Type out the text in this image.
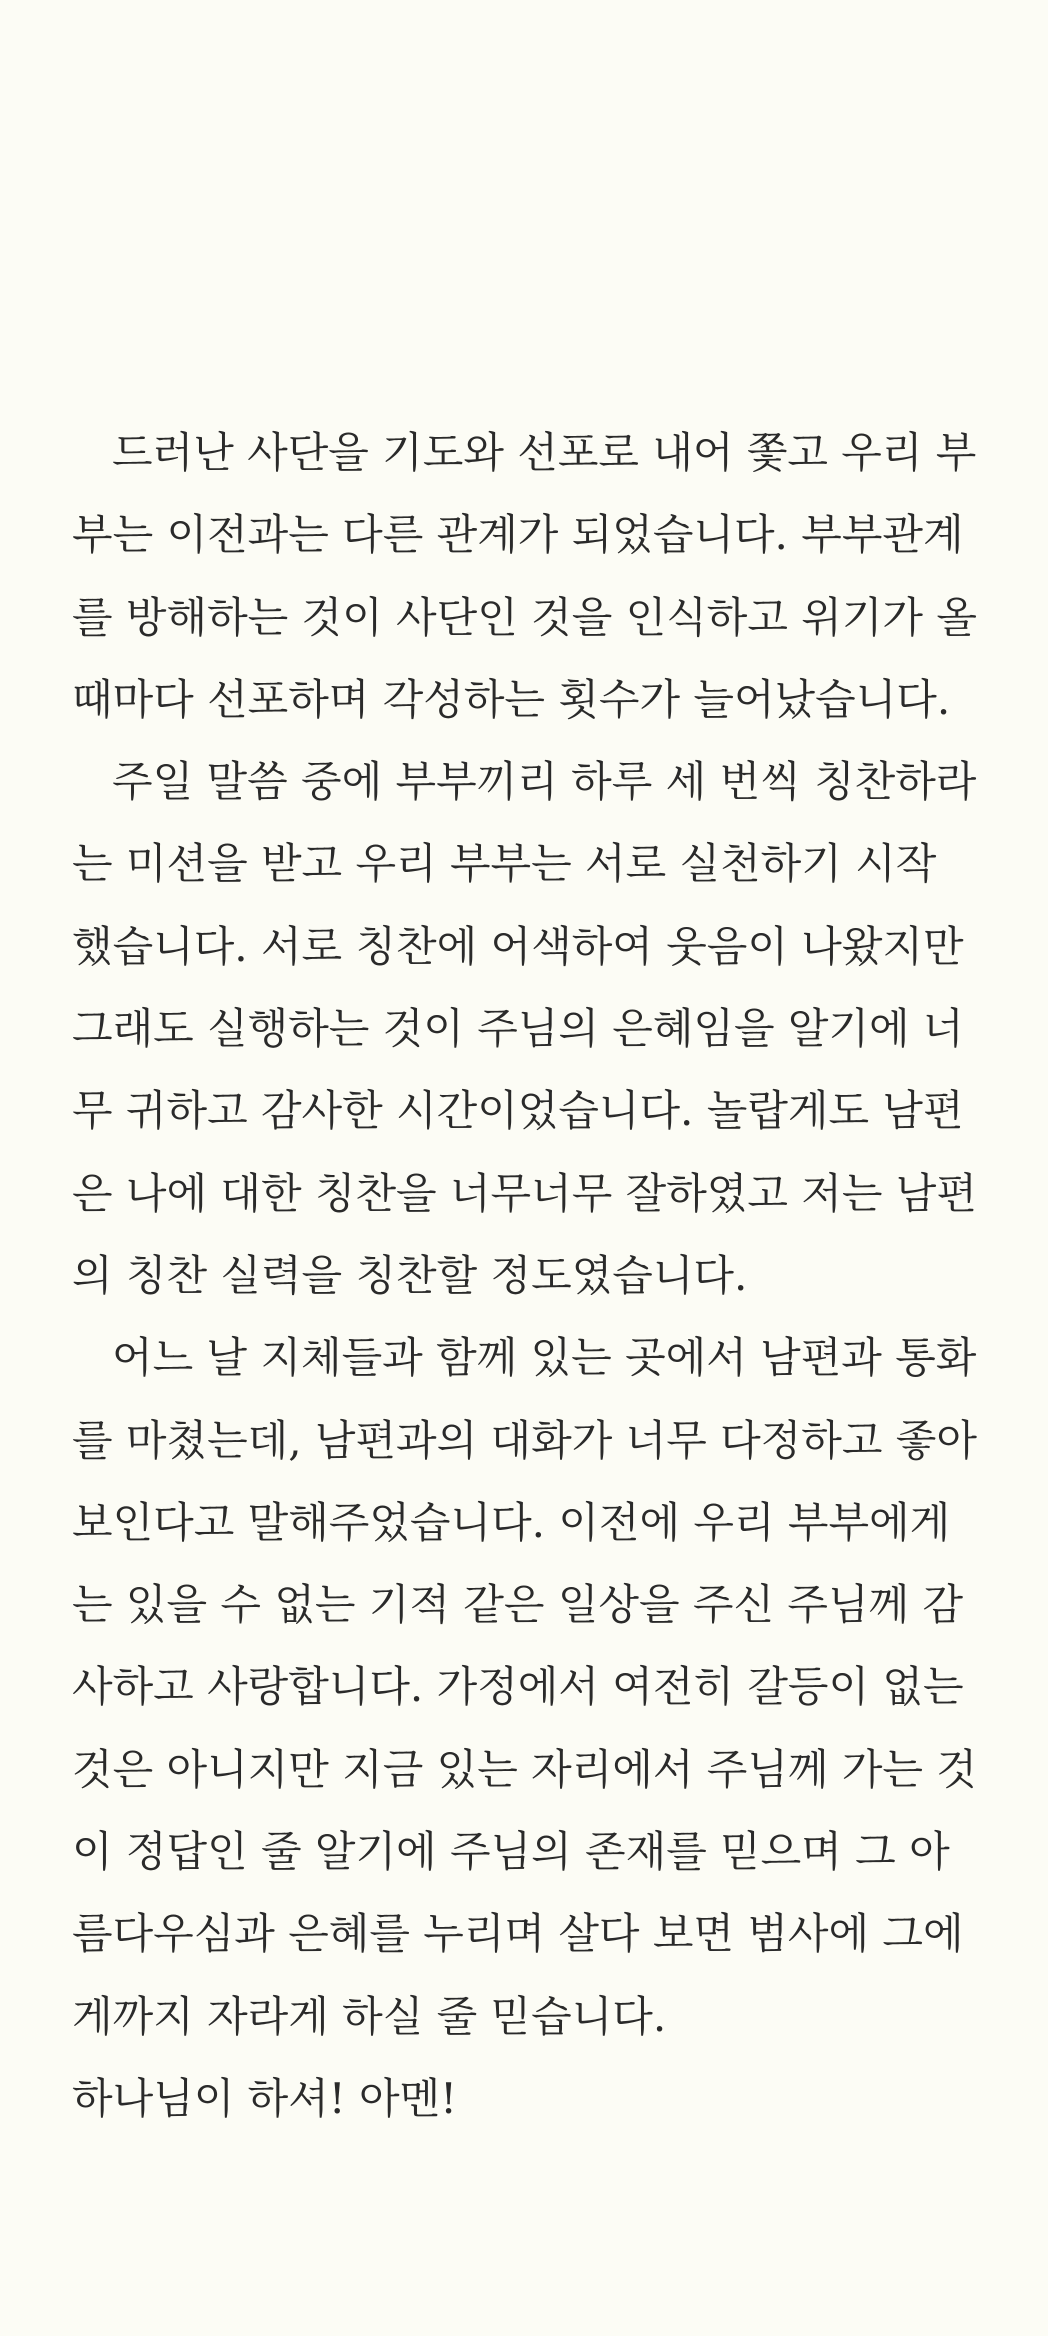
드러난 사단을 기도와 선포로 내어 쫓고 우리 부
부는 이전과는 다른 관계가 되었습니다. 부부관계
를 방해하는 것이 사단인 것을 인식하고 위기가 올
때마다 선포하며 각성하는 횟수가 늘어났습니다.
주일 말씀 중에 부부끼리 하루 세 번씩 칭찬하라
는 미션을 받고 우리 부부는 서로 실천하기 시작
했습니다. 서로 칭찬에 어색하여 웃음이 나왔지만
그래도 실행하는 것이 주님의 은혜임을 알기에 너
무 귀하고 감사한 시간이었습니다. 놀랍게도 남편
은 나에 대한 칭찬을 너무너무 잘하였고 저는 남편
의 칭찬 실력을 칭찬할 정도였습니다.
어느 날 지체들과 함께 있는 곳에서 남편과 통화
를 마쳤는데, 남편과의 대화가 너무 다정하고 좋아
보인다고 말해주었습니다. 이전에 우리 부부에게
는 있을 수 없는 기적 같은 일상을 주신 주님께 감
사하고 사랑합니다. 가정에서 여전히 갈등이 없는
것은 아니지만 지금 있는 자리에서 주님께 가는 것
이 정답인 줄 알기에 주님의 존재를 믿으며 그 아
름다우심과 은혜를 누리며 살다 보면 범사에 그에
게까지 자라게 하실 줄 믿습니다.
하나님이 하셔! 아멘!
